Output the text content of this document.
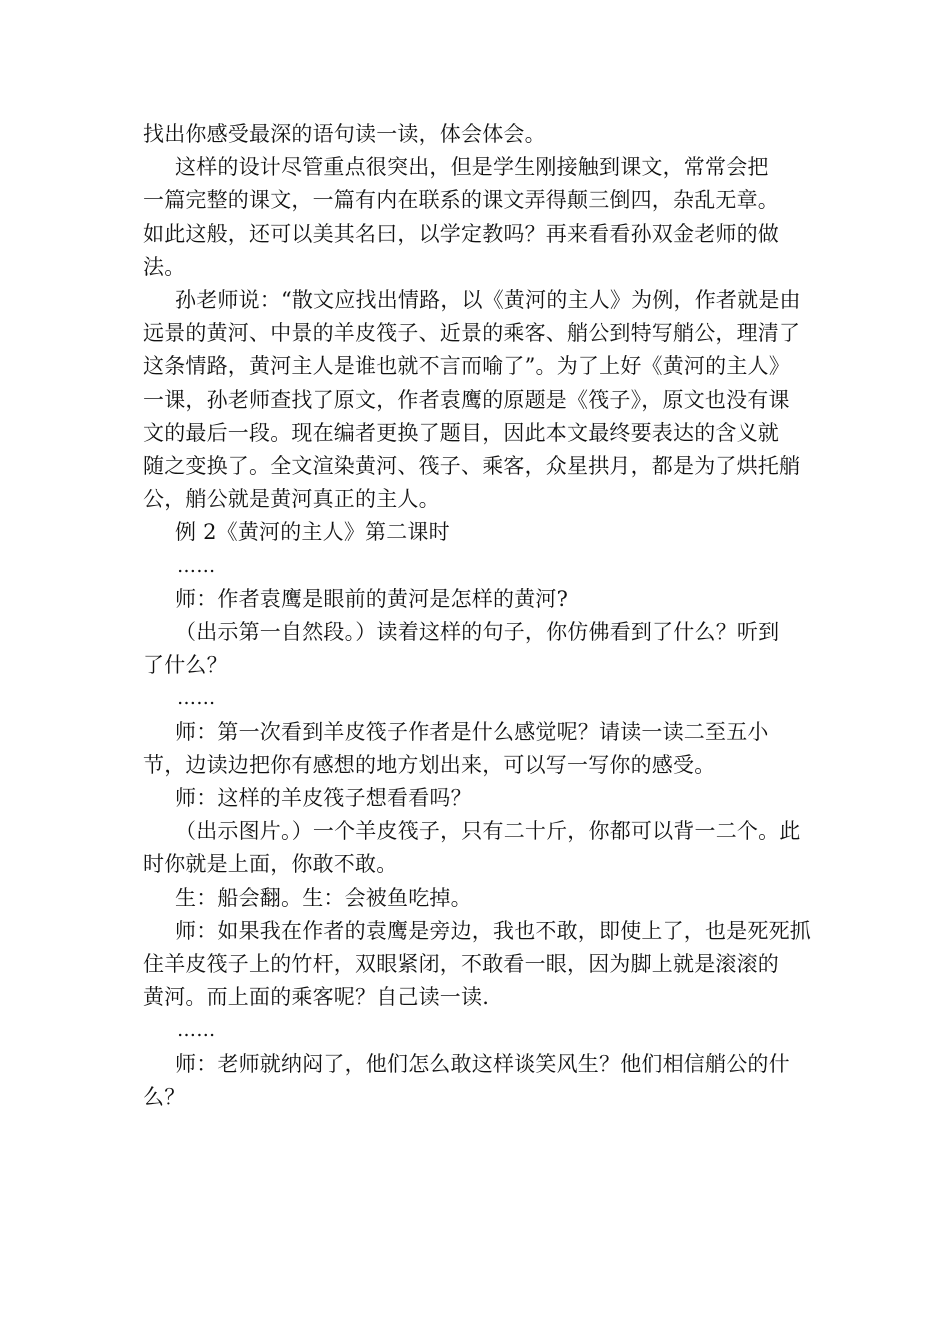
找出你感受最深的语句读一读，体会体会。
这样的设计尽管重点很突出，但是学生刚接触到课文，常常会把
一篇完整的课文，一篇有内在联系的课文弄得颠三倒四，杂乱无章。
如此这般，还可以美其名曰，以学定教吗？再来看看孙双金老师的做
法。
孙老师说：“散文应找出情路，以《黄河的主人》为例，作者就是由
远景的黄河、中景的羊皮筏子、近景的乘客、艄公到特写艄公，理清了
这条情路，黄河主人是谁也就不言而喻了”。为了上好《黄河的主人》
一课，孙老师查找了原文，作者袁鹰的原题是《筏子》，原文也没有课
文的最后一段。现在编者更换了题目，因此本文最终要表达的含义就
随之变换了。全文渲染黄河、筏子、乘客，众星拱月，都是为了烘托艄
公，艄公就是黄河真正的主人。
例 2《黄河的主人》第二课时
……
师：作者袁鹰是眼前的黄河是怎样的黄河?
（出示第一自然段。）读着这样的句子，你仿佛看到了什么？听到
了什么？
……
师：第一次看到羊皮筏子作者是什么感觉呢？请读一读二至五小
节，边读边把你有感想的地方划出来，可以写一写你的感受。
师：这样的羊皮筏子想看看吗？
（出示图片。）一个羊皮筏子，只有二十斤，你都可以背一二个。此
时你就是上面，你敢不敢。
生：船会翻。生：会被鱼吃掉。
师：如果我在作者的袁鹰是旁边，我也不敢，即使上了，也是死死抓
住羊皮筏子上的竹杆，双眼紧闭，不敢看一眼，因为脚上就是滚滚的
黄河。而上面的乘客呢？自己读一读.
……
师：老师就纳闷了，他们怎么敢这样谈笑风生？他们相信艄公的什
么？
